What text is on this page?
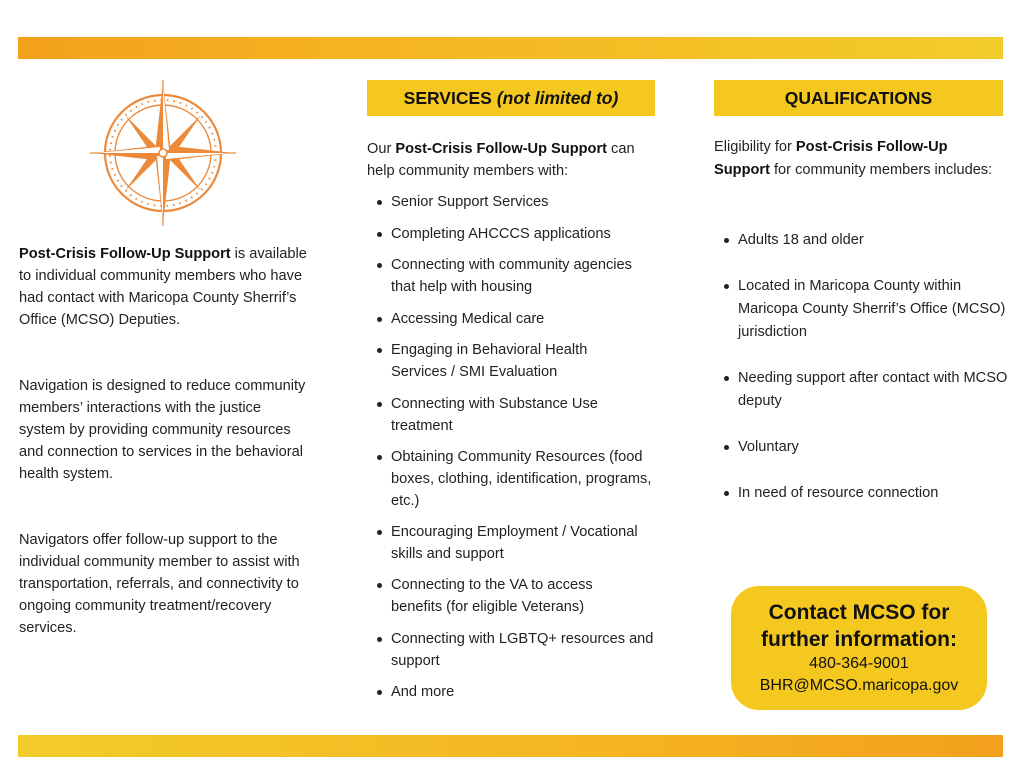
Post-Crisis Follow-Up Support is available to individual community members who have had contact with Maricopa County Sherrif’s Office (MCSO) Deputies.

Navigation is designed to reduce community members’ interactions with the justice system by providing community resources and connection to services in the behavioral health system.

Navigators offer follow-up support to the individual community member to assist with transportation, referrals, and connectivity to ongoing community treatment/recovery services.

SERVICES (not limited to)

Our Post-Crisis Follow-Up Support can help community members with:

Senior Support Services
Completing AHCCCS applications
Connecting with community agencies that help with housing
Accessing Medical care
Engaging in Behavioral Health Services / SMI Evaluation
Connecting with Substance Use treatment
Obtaining Community Resources (food boxes, clothing, identification, programs, etc.)
Encouraging Employment / Vocational skills and support
Connecting to the VA to access benefits (for eligible Veterans)
Connecting with LGBTQ+ resources and support
And more
QUALIFICATIONS

Eligibility for Post-Crisis Follow-Up Support for community members includes:

Adults 18 and older
Located in Maricopa County within Maricopa County Sherrif’s Office (MCSO) jurisdiction
Needing support after contact with MCSO deputy
Voluntary
In need of resource connection
Contact MCSO for
further information:
480-364-9001
BHR@MCSO.maricopa.gov
